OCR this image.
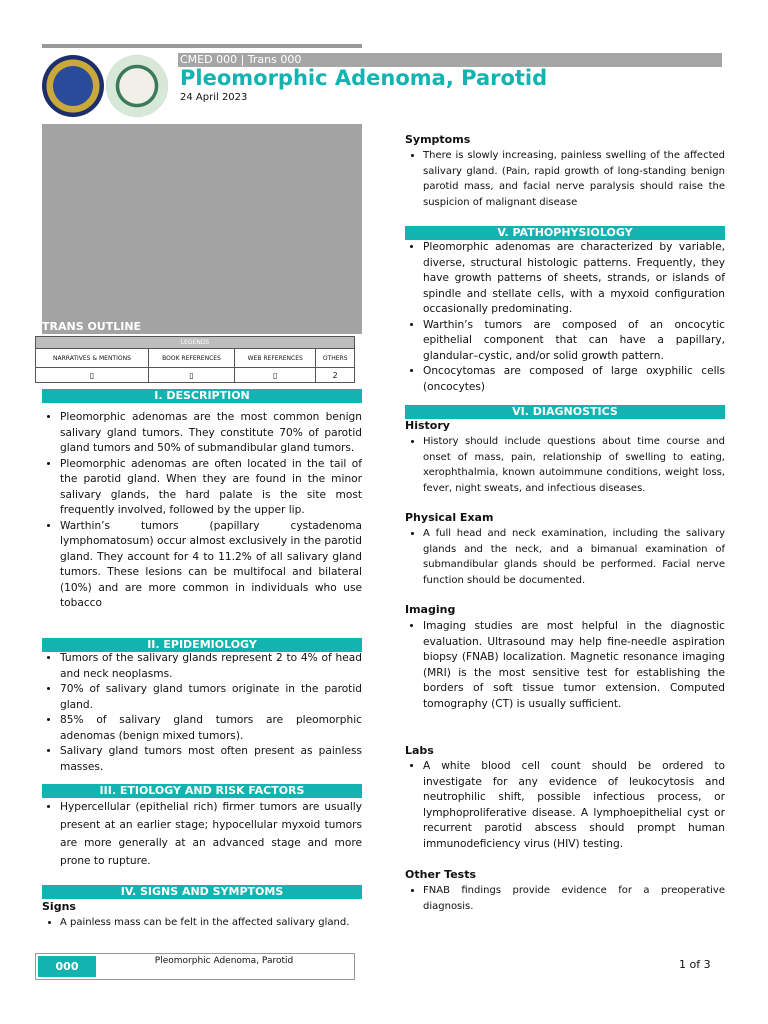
CMED 000 | Trans 000
Pleomorphic Adenoma, Parotid
24 April 2023
TRANS OUTLINE
LEGENDS			
NARRATIVES & MENTIONS	BOOK REFERENCES	WEB REFERENCES	OTHERS
▯	▯	▯	2
I. DESCRIPTION
• Pleomorphic adenomas are the most common benign salivary gland tumors. They constitute 70% of parotid gland tumors and 50% of submandibular gland tumors.
• Pleomorphic adenomas are often located in the tail of the parotid gland. When they are found in the minor salivary glands, the hard palate is the site most frequently involved, followed by the upper lip.
• Warthin’s tumors (papillary cystadenoma lymphomatosum) occur almost exclusively in the parotid gland. They account for 4 to 11.2% of all salivary gland tumors. These lesions can be multifocal and bilateral (10%) and are more common in individuals who use tobacco
II. EPIDEMIOLOGY
• Tumors of the salivary glands represent 2 to 4% of head and neck neoplasms.
• 70% of salivary gland tumors originate in the parotid gland.
• 85% of salivary gland tumors are pleomorphic adenomas (benign mixed tumors).
• Salivary gland tumors most often present as painless masses.
III. ETIOLOGY AND RISK FACTORS
• Hypercellular (epithelial rich) firmer tumors are usually present at an earlier stage; hypocellular myxoid tumors are more generally at an advanced stage and more prone to rupture.
IV. SIGNS AND SYMPTOMS
Signs
• A painless mass can be felt in the affected salivary gland.
Symptoms
• There is slowly increasing, painless swelling of the affected salivary gland. (Pain, rapid growth of long-standing benign parotid mass, and facial nerve paralysis should raise the suspicion of malignant disease
V. PATHOPHYSIOLOGY
• Pleomorphic adenomas are characterized by variable, diverse, structural histologic patterns. Frequently, they have growth patterns of sheets, strands, or islands of spindle and stellate cells, with a myxoid configuration occasionally predominating.
• Warthin’s tumors are composed of an oncocytic epithelial component that can have a papillary, glandular–cystic, and/or solid growth pattern.
• Oncocytomas are composed of large oxyphilic cells (oncocytes)
VI. DIAGNOSTICS
History
• History should include questions about time course and onset of mass, pain, relationship of swelling to eating, xerophthalmia, known autoimmune conditions, weight loss, fever, night sweats, and infectious diseases.
Physical Exam
• A full head and neck examination, including the salivary glands and the neck, and a bimanual examination of submandibular glands should be performed. Facial nerve function should be documented.
Imaging
• Imaging studies are most helpful in the diagnostic evaluation. Ultrasound may help fine-needle aspiration biopsy (FNAB) localization. Magnetic resonance imaging (MRI) is the most sensitive test for establishing the borders of soft tissue tumor extension. Computed tomography (CT) is usually sufficient.
Labs
• A white blood cell count should be ordered to investigate for any evidence of leukocytosis and neutrophilic shift, possible infectious process, or lymphoproliferative disease. A lymphoepithelial cyst or recurrent parotid abscess should prompt human immunodeficiency virus (HIV) testing.
Other Tests
• FNAB findings provide evidence for a preoperative diagnosis.
000	Pleomorphic Adenoma, Parotid	1 of 3
